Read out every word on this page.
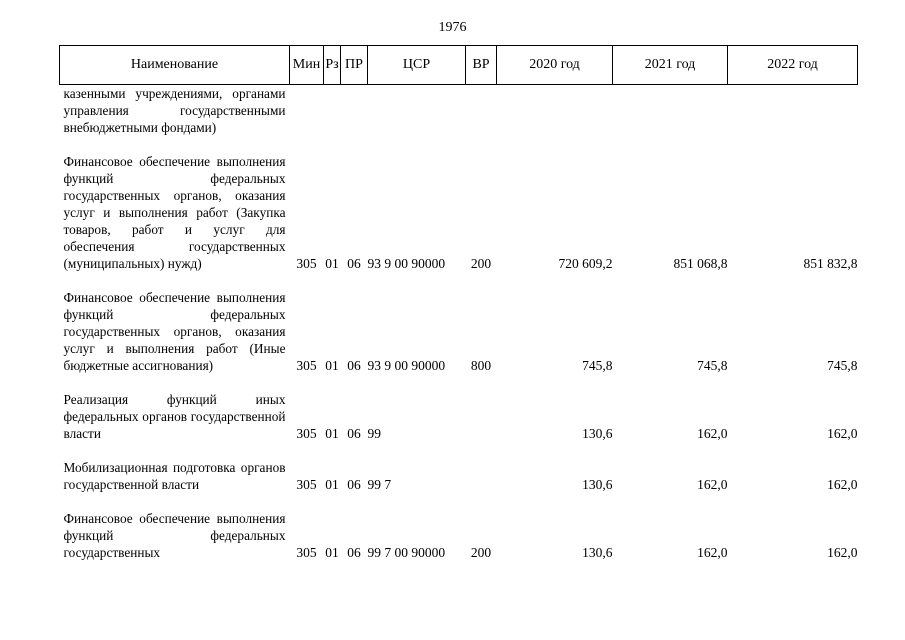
1976
Наименование	Мин	Рз	ПР	ЦСР	ВР	2020 год	2021 год	2022 год
казенными учреждениями, органами управления государственными внебюджетными фондами)								

Финансовое обеспечение выполнения функций федеральных государственных органов, оказания услуг и выполнения работ (Закупка товаров, работ и услуг для обеспечения государственных (муниципальных) нужд)	305	01	06	93 9 00 90000	200	720 609,2	851 068,8	851 832,8

Финансовое обеспечение выполнения функций федеральных государственных органов, оказания услуг и выполнения работ (Иные бюджетные ассигнования)	305	01	06	93 9 00 90000	800	745,8	745,8	745,8

Реализация функций иных федеральных органов государственной власти	305	01	06	99		130,6	162,0	162,0

Мобилизационная подготовка органов государственной власти	305	01	06	99 7		130,6	162,0	162,0

Финансовое обеспечение выполнения функций федеральных государственных	305	01	06	99 7 00 90000	200	130,6	162,0	162,0
